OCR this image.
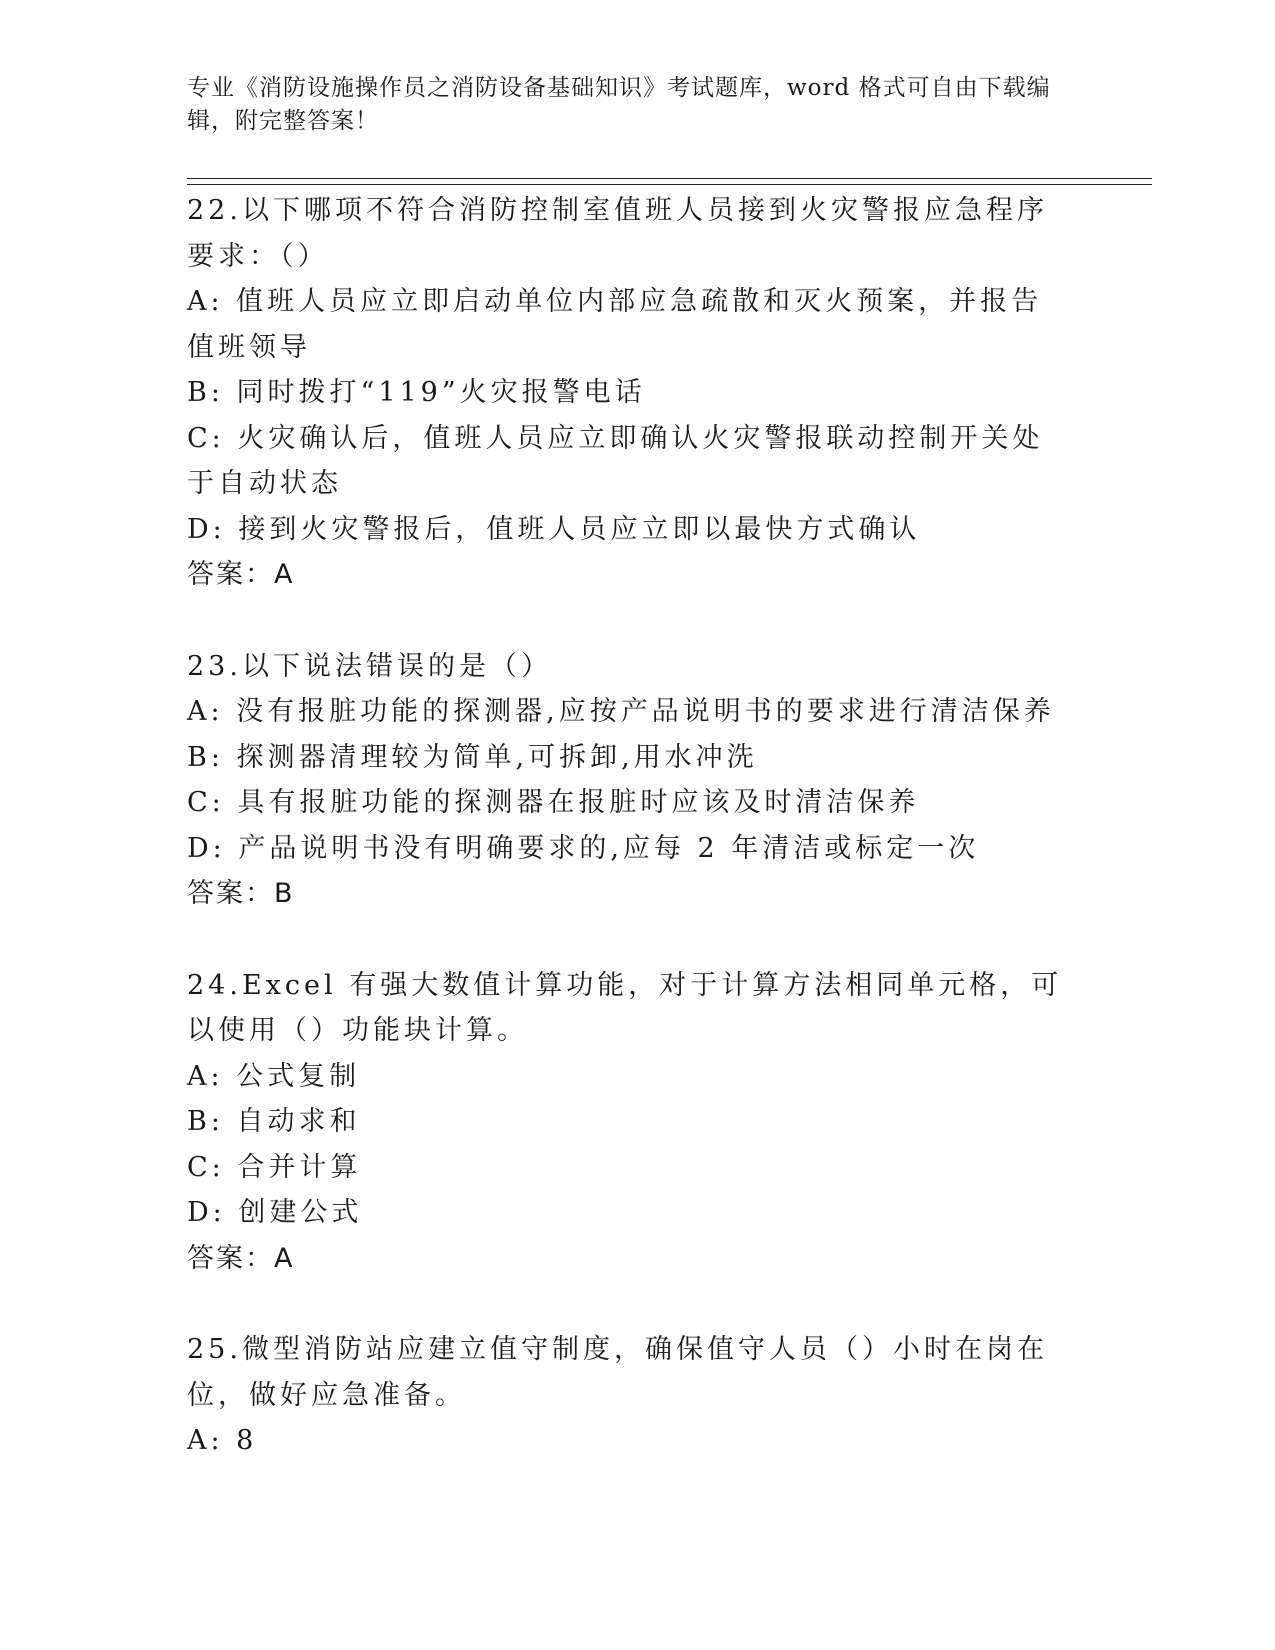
专业《消防设施操作员之消防设备基础知识》考试题库，word 格式可自由下载编辑，附完整答案！

22.以下哪项不符合消防控制室值班人员接到火灾警报应急程序要求：（）

A: 值班人员应立即启动单位内部应急疏散和灭火预案，并报告值班领导

B: 同时拨打“119”火灾报警电话

C: 火灾确认后，值班人员应立即确认火灾警报联动控制开关处于自动状态

D: 接到火灾警报后，值班人员应立即以最快方式确认

答案：A

23.以下说法错误的是（）

A: 没有报脏功能的探测器,应按产品说明书的要求进行清洁保养

B: 探测器清理较为简单,可拆卸,用水冲洗

C: 具有报脏功能的探测器在报脏时应该及时清洁保养

D: 产品说明书没有明确要求的,应每 2 年清洁或标定一次

答案：B

24.Excel 有强大数值计算功能，对于计算方法相同单元格，可以使用（）功能块计算。

A: 公式复制

B: 自动求和

C: 合并计算

D: 创建公式

答案：A

25.微型消防站应建立值守制度，确保值守人员（）小时在岗在位，做好应急准备。

A: 8
